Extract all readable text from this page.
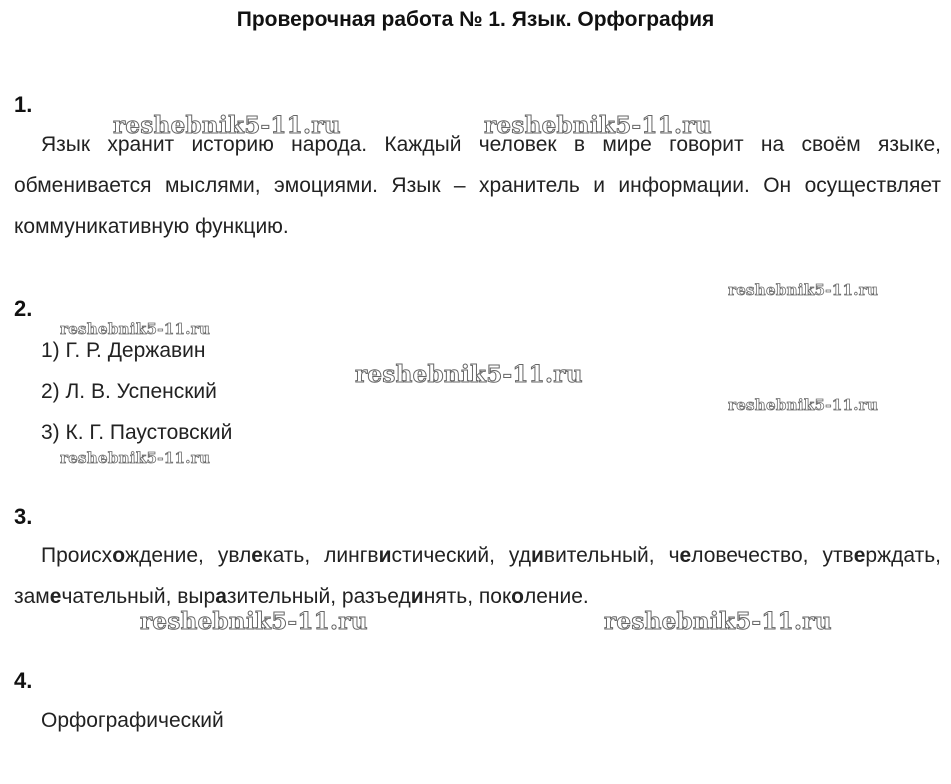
Проверочная работа № 1. Язык. Орфография
1.

Язык хранит историю народа. Каждый человек в мире говорит на своём языке, обменивается мыслями, эмоциями. Язык – хранитель и информации. Он осуществляет коммуникативную функцию.

2.
1) Г. Р. Державин
2) Л. В. Успенский
3) К. Г. Паустовский
3.

Происхождение, увлекать, лингвистический, удивительный, человечество, утверждать, замечательный, выразительный, разъединять, поколение.

4.
Орфографический
reshebnik5-11.ru	reshebnik5-11.ru
reshebnik5-11.ru
reshebnik5-11.ru
reshebnik5-11.ru
reshebnik5-11.ru
reshebnik5-11.ru
reshebnik5-11.ru	reshebnik5-11.ru
